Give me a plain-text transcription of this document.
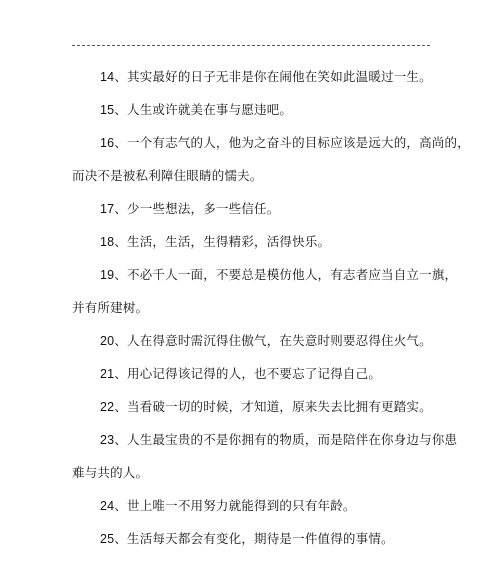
14、其实最好的日子无非是你在闹他在笑如此温暖过一生。
15、人生或许就美在事与愿违吧。
16、一个有志气的人，他为之奋斗的目标应该是远大的，高尚的，
而决不是被私利障住眼睛的懦夫。
17、少一些想法，多一些信任。
18、生活，生活，生得精彩，活得快乐。
19、不必千人一面，不要总是模仿他人，有志者应当自立一旗，
并有所建树。
20、人在得意时需沉得住傲气，在失意时则要忍得住火气。
21、用心记得该记得的人，也不要忘了记得自己。
22、当看破一切的时候，才知道，原来失去比拥有更踏实。
23、人生最宝贵的不是你拥有的物质，而是陪伴在你身边与你患
难与共的人。
24、世上唯一不用努力就能得到的只有年龄。
25、生活每天都会有变化，期待是一件值得的事情。
